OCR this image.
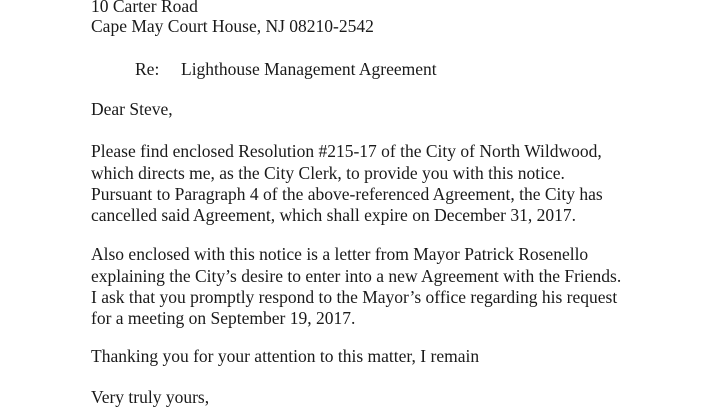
10 Carter Road
Cape May Court House, NJ 08210-2542
Re: Lighthouse Management Agreement
Dear Steve,
Please find enclosed Resolution #215-17 of the City of North Wildwood,
which directs me, as the City Clerk, to provide you with this notice.
Pursuant to Paragraph 4 of the above-referenced Agreement, the City has
cancelled said Agreement, which shall expire on December 31, 2017.
Also enclosed with this notice is a letter from Mayor Patrick Rosenello
explaining the City’s desire to enter into a new Agreement with the Friends.
I ask that you promptly respond to the Mayor’s office regarding his request
for a meeting on September 19, 2017.
Thanking you for your attention to this matter, I remain
Very truly yours,
